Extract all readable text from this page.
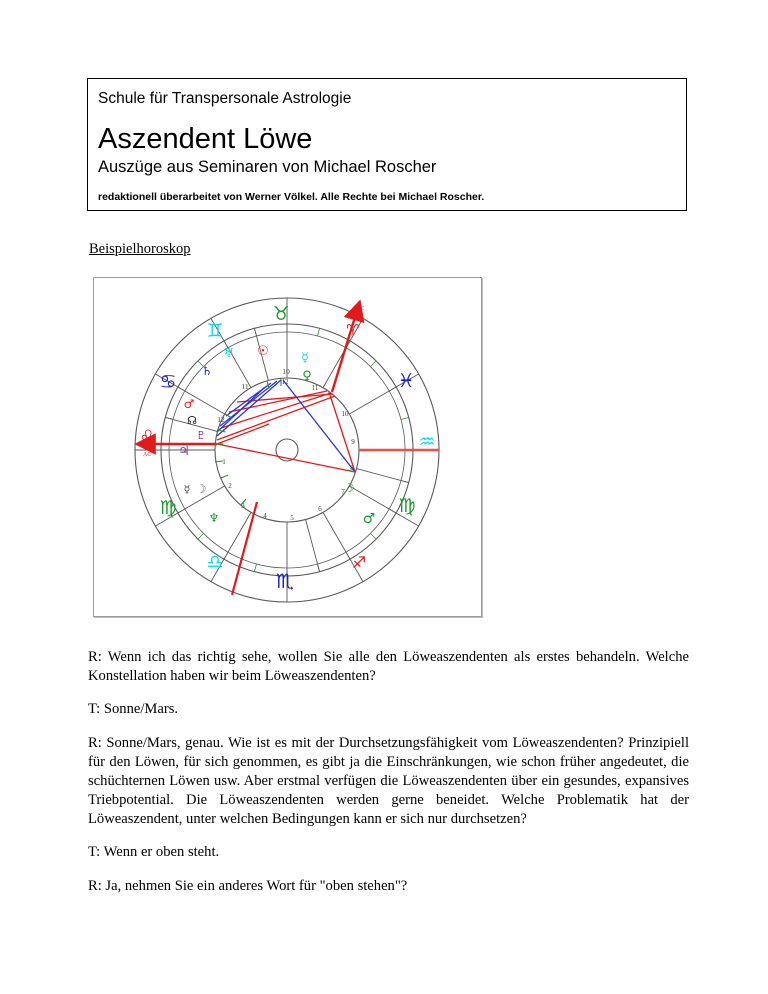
Schule für Transpersonale Astrologie
Aszendent Löwe
Auszüge aus Seminaren von Michael Roscher
redaktionell überarbeitet von Werner Völkel. Alle Rechte bei Michael Roscher.
Beispielhoroskop
1
2
3
4	5
6
7
8
9
10
11
12
10
11
12
♌
♋
♊
♉
♈
♓
♒
♍
♐
♏
♎
♍
☉ ☿
♀
♅
♄
♂
☊
♇
♃
☿ ☽
♆
☽
♂
AC
MC

R: Wenn ich das richtig sehe, wollen Sie alle den Löweaszendenten als erstes behandeln. Welche Konstellation haben wir beim Löweaszendenten?

T: Sonne/Mars.

R: Sonne/Mars, genau. Wie ist es mit der Durchsetzungsfähigkeit vom Löweaszendenten? Prinzipiell für den Löwen, für sich genommen, es gibt ja die Einschränkungen, wie schon früher angedeutet, die schüchternen Löwen usw. Aber erstmal verfügen die Löweaszendenten über ein gesundes, expansives Triebpotential. Die Löweaszendenten werden gerne beneidet. Welche Problematik hat der Löweaszendent, unter welchen Bedingungen kann er sich nur durchsetzen?

T: Wenn er oben steht.

R: Ja, nehmen Sie ein anderes Wort für "oben stehen"?
